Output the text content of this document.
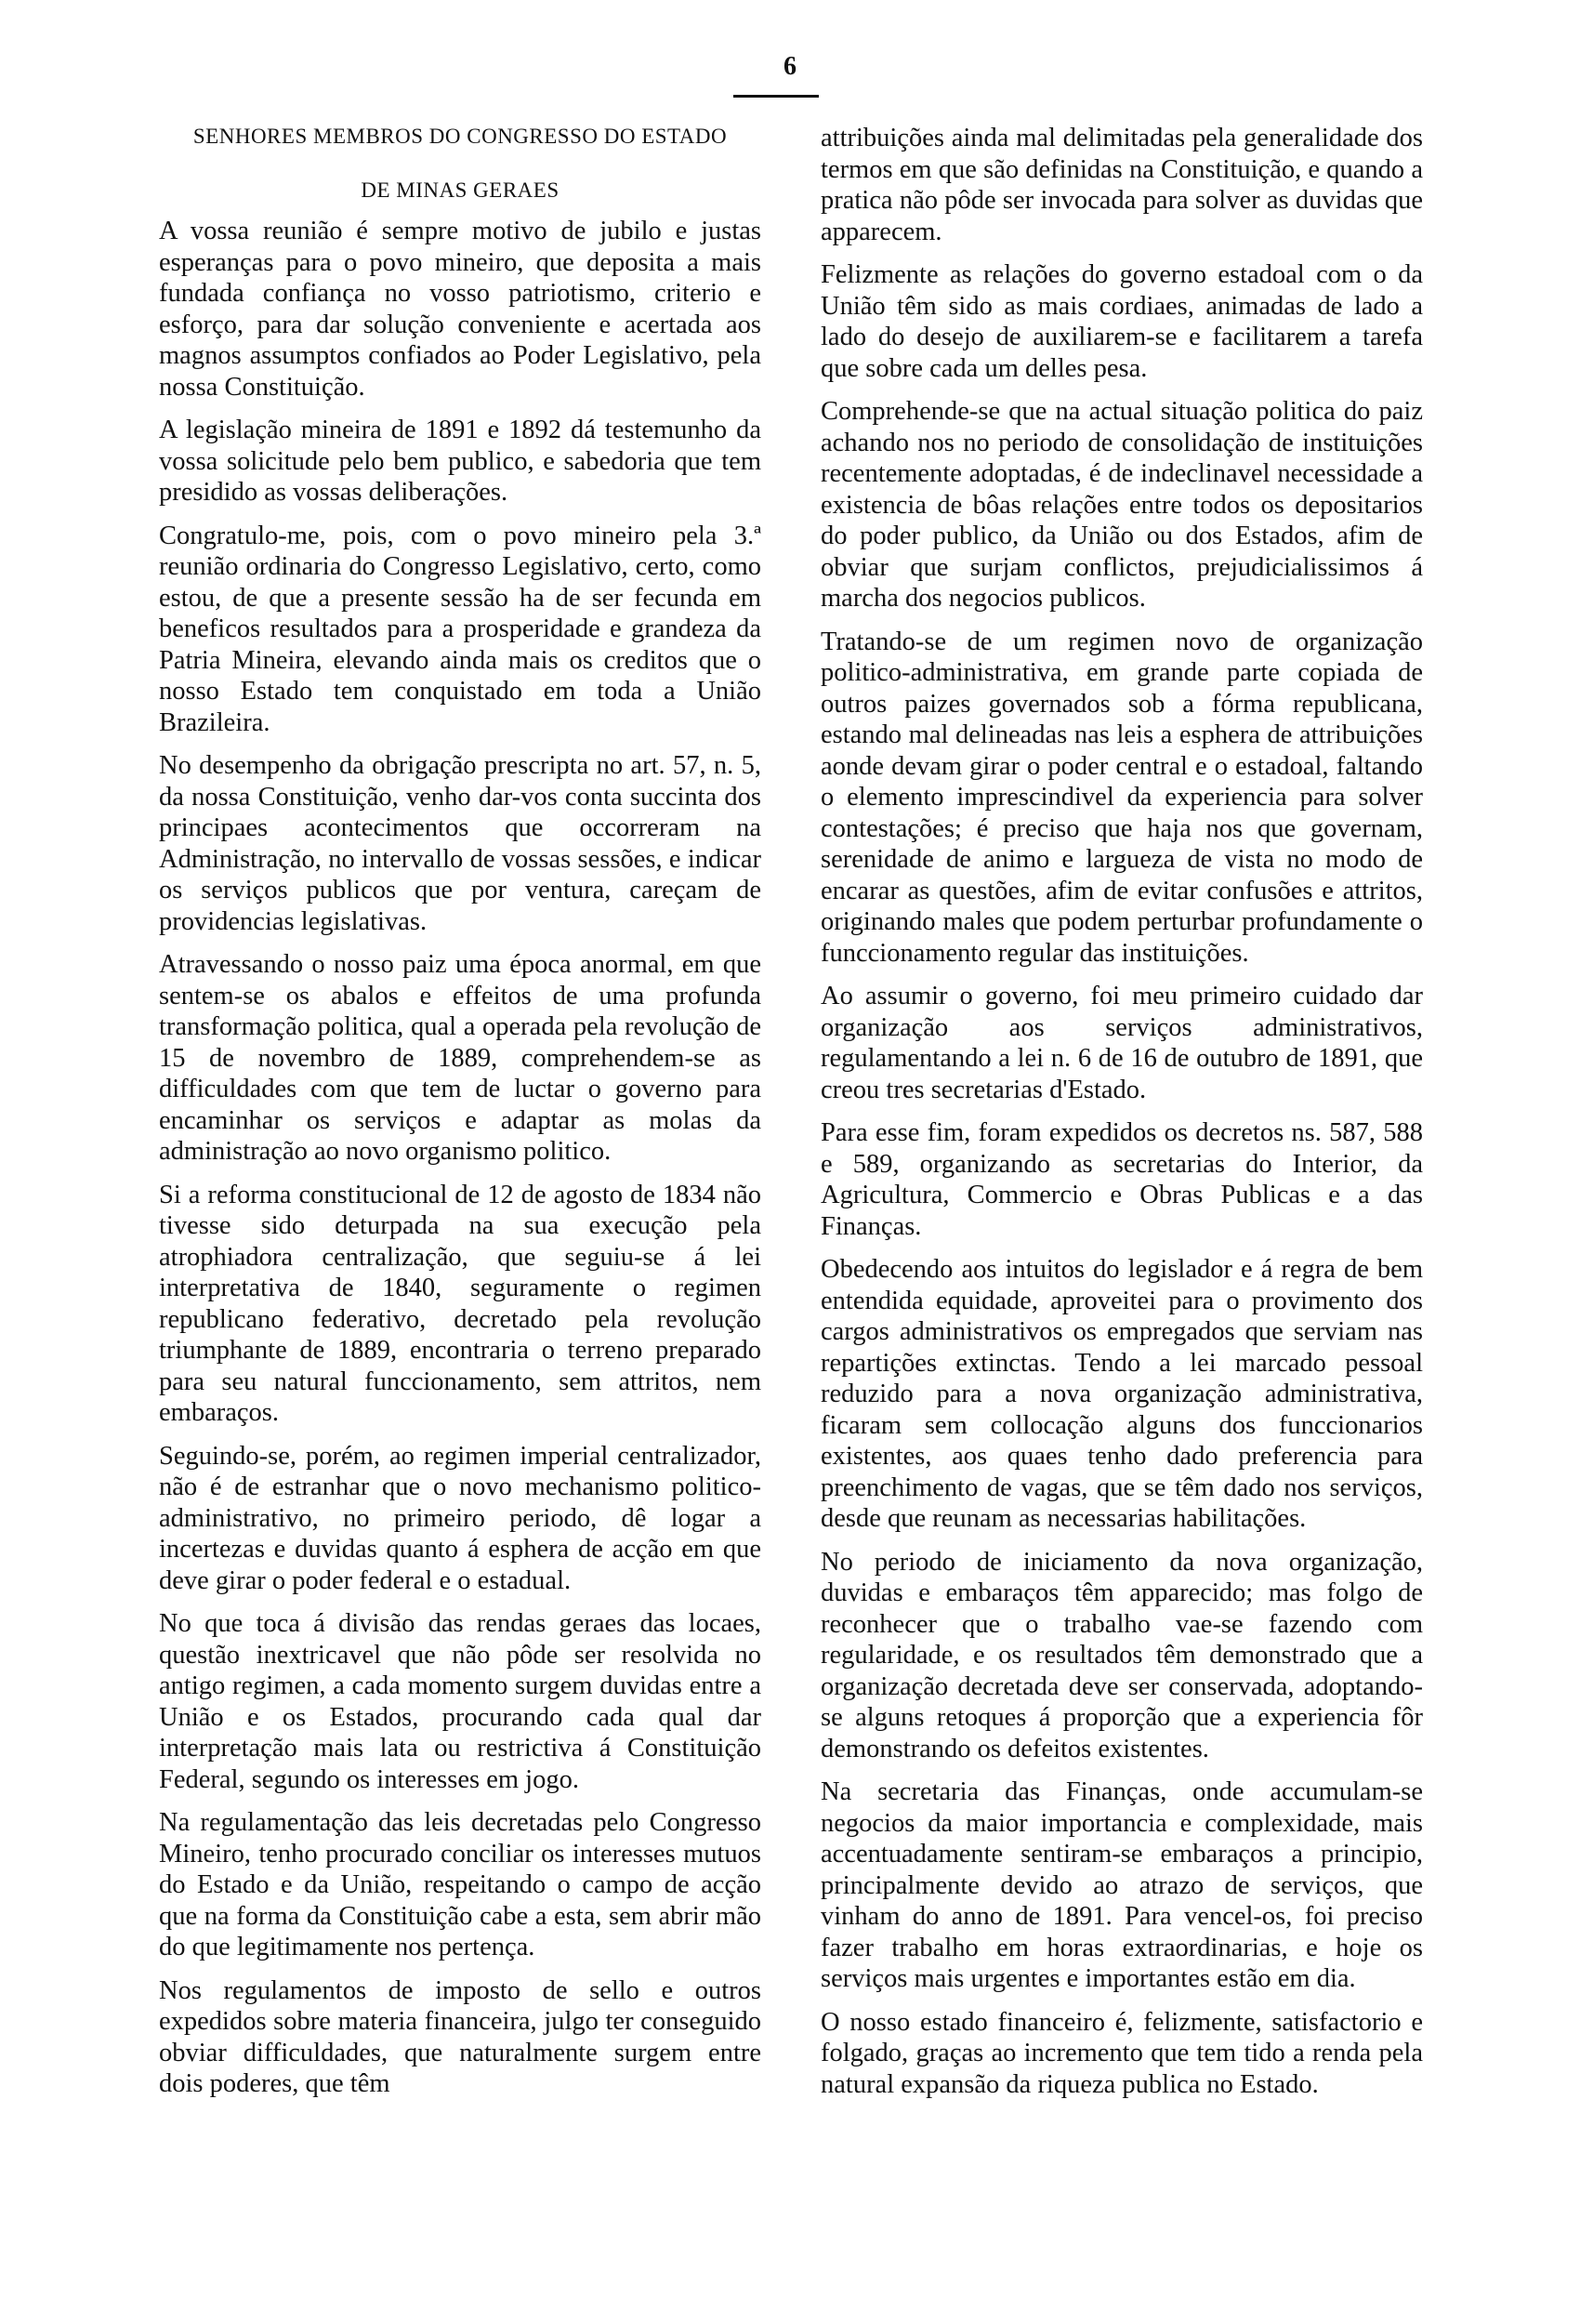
6
SENHORES MEMBROS DO CONGRESSO DO ESTADO
DE MINAS GERAES

A vossa reunião é sempre motivo de jubilo e justas esperanças para o povo mineiro, que deposita a mais fundada confiança no vosso patriotismo, criterio e esforço, para dar solução conveniente e acertada aos magnos assumptos confiados ao Poder Legislativo, pela nossa Constituição.

A legislação mineira de 1891 e 1892 dá testemunho da vossa solicitude pelo bem publico, e sabedoria que tem presidido as vossas deliberações.

Congratulo-me, pois, com o povo mineiro pela 3.ª reunião ordinaria do Congresso Legislativo, certo, como estou, de que a presente sessão ha de ser fecunda em beneficos resultados para a prosperidade e grandeza da Patria Mineira, elevando ainda mais os creditos que o nosso Estado tem conquistado em toda a União Brazileira.

No desempenho da obrigação prescripta no art. 57, n. 5, da nossa Constituição, venho dar-vos conta succinta dos principaes acontecimentos que occorreram na Administração, no intervallo de vossas sessões, e indicar os serviços publicos que por ventura, careçam de providencias legislativas.

Atravessando o nosso paiz uma época anormal, em que sentem-se os abalos e effeitos de uma profunda transformação politica, qual a operada pela revolução de 15 de novembro de 1889, comprehendem-se as difficuldades com que tem de luctar o governo para encaminhar os serviços e adaptar as molas da administração ao novo organismo politico.

Si a reforma constitucional de 12 de agosto de 1834 não tivesse sido deturpada na sua execução pela atrophiadora centralização, que seguiu-se á lei interpretativa de 1840, seguramente o regimen republicano federativo, decretado pela revolução triumphante de 1889, encontraria o terreno preparado para seu natural funccionamento, sem attritos, nem embaraços.

Seguindo-se, porém, ao regimen imperial centralizador, não é de estranhar que o novo mechanismo politico-administrativo, no primeiro periodo, dê logar a incertezas e duvidas quanto á esphera de acção em que deve girar o poder federal e o estadual.

No que toca á divisão das rendas geraes das locaes, questão inextricavel que não pôde ser resolvida no antigo regimen, a cada momento surgem duvidas entre a União e os Estados, procurando cada qual dar interpretação mais lata ou restrictiva á Constituição Federal, segundo os interesses em jogo.

Na regulamentação das leis decretadas pelo Congresso Mineiro, tenho procurado conciliar os interesses mutuos do Estado e da União, respeitando o campo de acção que na forma da Constituição cabe a esta, sem abrir mão do que legitimamente nos pertença.

Nos regulamentos de imposto de sello e outros expedidos sobre materia financeira, julgo ter conseguido obviar difficuldades, que naturalmente surgem entre dois poderes, que têm

attribuições ainda mal delimitadas pela generalidade dos termos em que são definidas na Constituição, e quando a pratica não pôde ser invocada para solver as duvidas que apparecem.

Felizmente as relações do governo estadoal com o da União têm sido as mais cordiaes, animadas de lado a lado do desejo de auxiliarem-se e facilitarem a tarefa que sobre cada um delles pesa.

Comprehende-se que na actual situação politica do paiz achando nos no periodo de consolidação de instituições recentemente adoptadas, é de indeclinavel necessidade a existencia de bôas relações entre todos os depositarios do poder publico, da União ou dos Estados, afim de obviar que surjam conflictos, prejudicialissimos á marcha dos negocios publicos.

Tratando-se de um regimen novo de organização politico-administrativa, em grande parte copiada de outros paizes governados sob a fórma republicana, estando mal delineadas nas leis a esphera de attribuições aonde devam girar o poder central e o estadoal, faltando o elemento imprescindivel da experiencia para solver contestações; é preciso que haja nos que governam, serenidade de animo e largueza de vista no modo de encarar as questões, afim de evitar confusões e attritos, originando males que podem perturbar profundamente o funccionamento regular das instituições.

Ao assumir o governo, foi meu primeiro cuidado dar organização aos serviços administrativos, regulamentando a lei n. 6 de 16 de outubro de 1891, que creou tres secretarias d'Estado.

Para esse fim, foram expedidos os decretos ns. 587, 588 e 589, organizando as secretarias do Interior, da Agricultura, Commercio e Obras Publicas e a das Finanças.

Obedecendo aos intuitos do legislador e á regra de bem entendida equidade, aproveitei para o provimento dos cargos administrativos os empregados que serviam nas repartições extinctas. Tendo a lei marcado pessoal reduzido para a nova organização administrativa, ficaram sem collocação alguns dos funccionarios existentes, aos quaes tenho dado preferencia para preenchimento de vagas, que se têm dado nos serviços, desde que reunam as necessarias habilitações.

No periodo de iniciamento da nova organização, duvidas e embaraços têm apparecido; mas folgo de reconhecer que o trabalho vae-se fazendo com regularidade, e os resultados têm demonstrado que a organização decretada deve ser conservada, adoptando-se alguns retoques á proporção que a experiencia fôr demonstrando os defeitos existentes.

Na secretaria das Finanças, onde accumulam-se negocios da maior importancia e complexidade, mais accentuadamente sentiram-se embaraços a principio, principalmente devido ao atrazo de serviços, que vinham do anno de 1891. Para vencel-os, foi preciso fazer trabalho em horas extraordinarias, e hoje os serviços mais urgentes e importantes estão em dia.

O nosso estado financeiro é, felizmente, satisfactorio e folgado, graças ao incremento que tem tido a renda pela natural expansão da riqueza publica no Estado.
